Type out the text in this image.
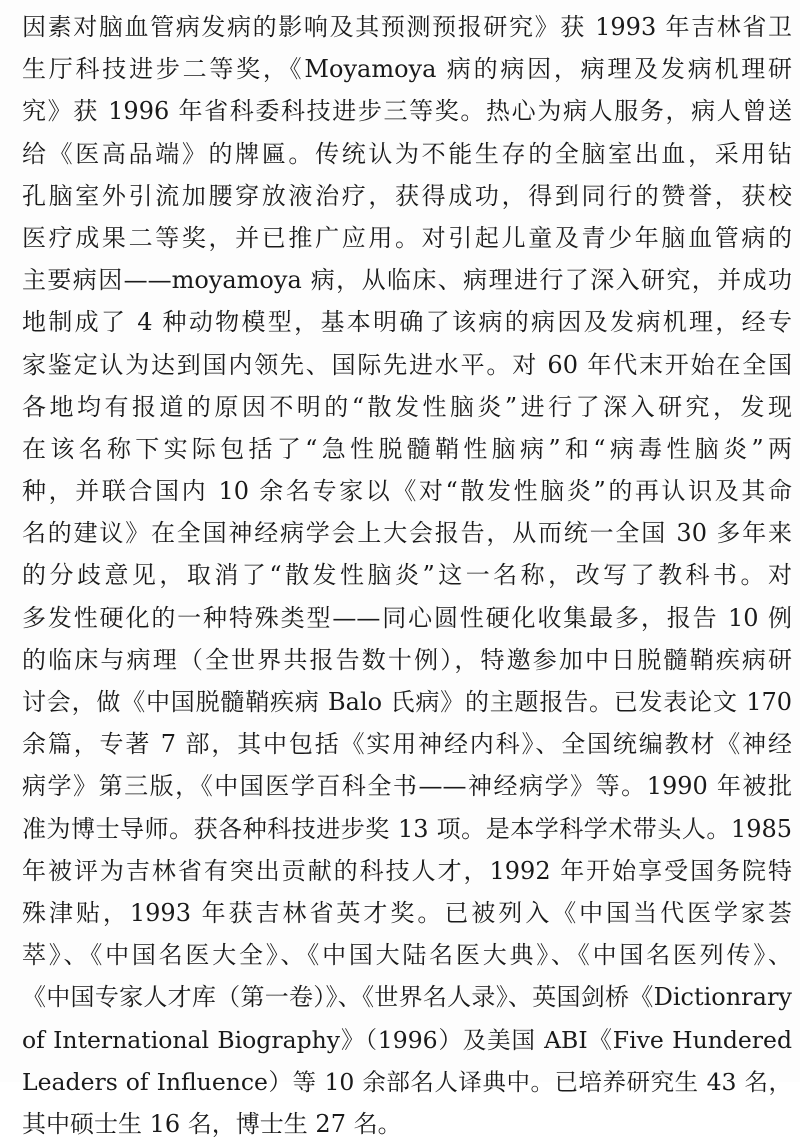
因素对脑血管病发病的影响及其预测预报研究》获 1993 年吉林省卫
生厅科技进步二等奖，《Moyamoya 病的病因，病理及发病机理研
究》获 1996 年省科委科技进步三等奖。热心为病人服务，病人曾送
给《医高品端》的牌匾。传统认为不能生存的全脑室出血，采用钻
孔脑室外引流加腰穿放液治疗，获得成功，得到同行的赞誉，获校
医疗成果二等奖，并已推广应用。对引起儿童及青少年脑血管病的
主要病因——moyamoya 病，从临床、病理进行了深入研究，并成功
地制成了 4 种动物模型，基本明确了该病的病因及发病机理，经专
家鉴定认为达到国内领先、国际先进水平。对 60 年代末开始在全国
各地均有报道的原因不明的“散发性脑炎”进行了深入研究，发现
在该名称下实际包括了“急性脱髓鞘性脑病”和“病毒性脑炎”两
种，并联合国内 10 余名专家以《对“散发性脑炎”的再认识及其命
名的建议》在全国神经病学会上大会报告，从而统一全国 30 多年来
的分歧意见，取消了“散发性脑炎”这一名称，改写了教科书。对
多发性硬化的一种特殊类型——同心圆性硬化收集最多，报告 10 例
的临床与病理（全世界共报告数十例），特邀参加中日脱髓鞘疾病研
讨会，做《中国脱髓鞘疾病 Balo 氏病》的主题报告。已发表论文 170
余篇，专著 7 部，其中包括《实用神经内科》、全国统编教材《神经
病学》第三版，《中国医学百科全书——神经病学》等。1990 年被批
准为博士导师。获各种科技进步奖 13 项。是本学科学术带头人。1985
年被评为吉林省有突出贡献的科技人才，1992 年开始享受国务院特
殊津贴，1993 年获吉林省英才奖。已被列入《中国当代医学家荟
萃》、《中国名医大全》、《中国大陆名医大典》、《中国名医列传》、
《中国专家人才库（第一卷）》、《世界名人录》、英国剑桥《Dictionrary
of International Biography》（1996）及美国 ABI《Five Hundered
Leaders of Influence）等 10 余部名人译典中。已培养研究生 43 名，
其中硕士生 16 名，博士生 27 名。
